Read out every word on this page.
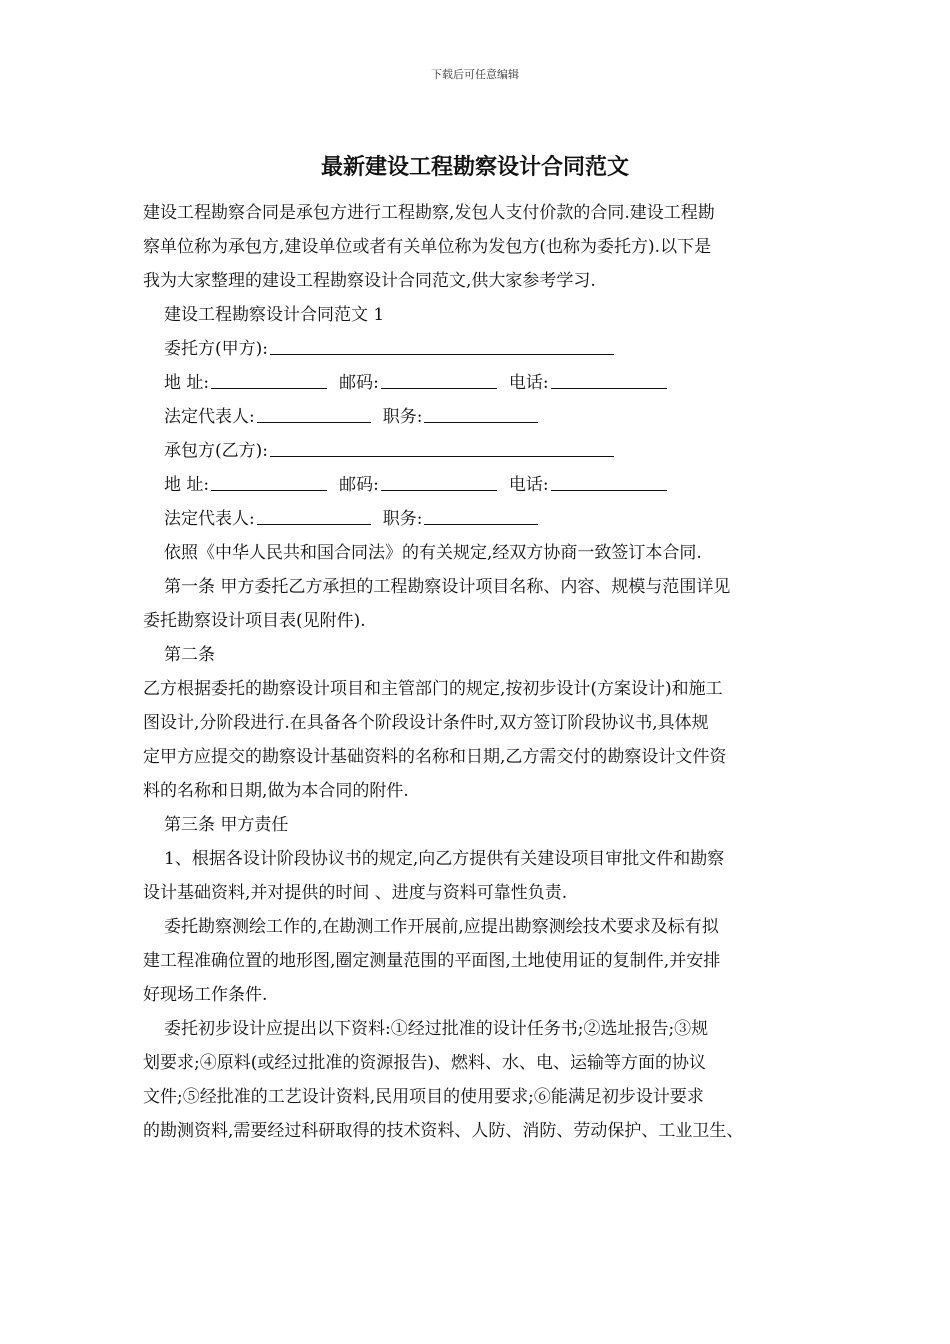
下载后可任意编辑
最新建设工程勘察设计合同范文

建设工程勘察合同是承包方进行工程勘察,发包人支付价款的合同.建设工程勘

察单位称为承包方,建设单位或者有关单位称为发包方(也称为委托方).以下是

我为大家整理的建设工程勘察设计合同范文,供大家参考学习.

建设工程勘察设计合同范文 1

委托方(甲方):
地 址:	邮码:	电话:
法定代表人:	职务:
承包方(乙方):
地 址:	邮码:	电话:
法定代表人:	职务:

依照《中华人民共和国合同法》的有关规定,经双方协商一致签订本合同.

第一条 甲方委托乙方承担的工程勘察设计项目名称、内容、规模与范围详见

委托勘察设计项目表(见附件).

第二条

乙方根据委托的勘察设计项目和主管部门的规定,按初步设计(方案设计)和施工

图设计,分阶段进行.在具备各个阶段设计条件时,双方签订阶段协议书,具体规

定甲方应提交的勘察设计基础资料的名称和日期,乙方需交付的勘察设计文件资

料的名称和日期,做为本合同的附件.

第三条 甲方责任

1、根据各设计阶段协议书的规定,向乙方提供有关建设项目审批文件和勘察

设计基础资料,并对提供的时间 、进度与资料可靠性负责.

委托勘察测绘工作的,在勘测工作开展前,应提出勘察测绘技术要求及标有拟

建工程准确位置的地形图,圈定测量范围的平面图,土地使用证的复制件,并安排

好现场工作条件.

委托初步设计应提出以下资料:①经过批准的设计任务书;②选址报告;③规

划要求;④原料(或经过批准的资源报告)、燃料、水、电、运输等方面的协议

文件;⑤经批准的工艺设计资料,民用项目的使用要求;⑥能满足初步设计要求

的勘测资料,需要经过科研取得的技术资料、人防、消防、劳动保护、工业卫生、
